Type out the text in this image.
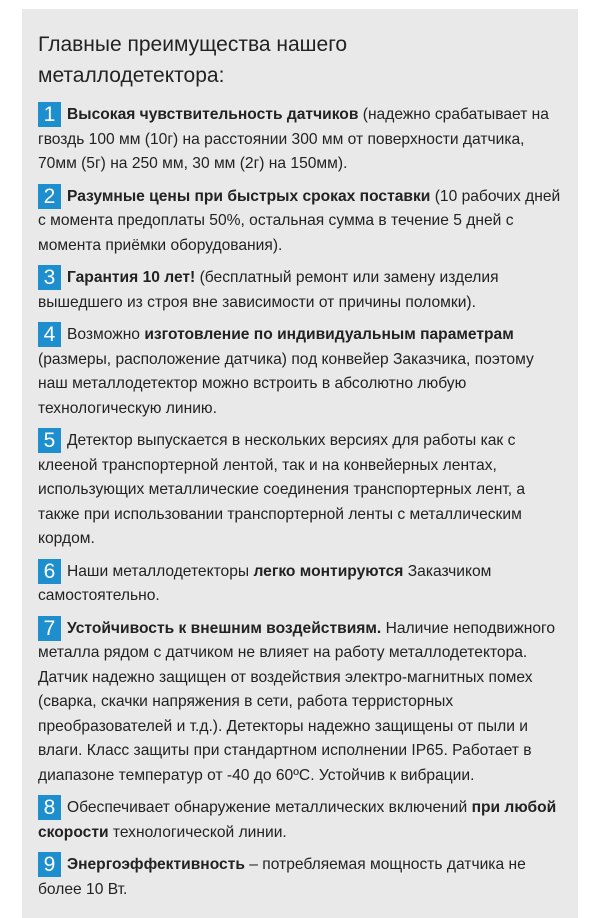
Главные преимущества нашего металлодетектора:
1 Высокая чувствительность датчиков (надежно срабатывает на гвоздь 100 мм (10г) на расстоянии 300 мм от поверхности датчика, 70мм (5г) на 250 мм, 30 мм (2г) на 150мм).
2 Разумные цены при быстрых сроках поставки (10 рабочих дней с момента предоплаты 50%, остальная сумма в течение 5 дней с момента приёмки оборудования).
3 Гарантия 10 лет! (бесплатный ремонт или замену изделия вышедшего из строя вне зависимости от причины поломки).
4 Возможно изготовление по индивидуальным параметрам (размеры, расположение датчика) под конвейер Заказчика, поэтому наш металлодетектор можно встроить в абсолютно любую технологическую линию.
5 Детектор выпускается в нескольких версиях для работы как с клееной транспортерной лентой, так и на конвейерных лентах, использующих металлические соединения транспортерных лент, а также при использовании транспортерной ленты с металлическим кордом.
6 Наши металлодетекторы легко монтируются Заказчиком самостоятельно.
7 Устойчивость к внешним воздействиям. Наличие неподвижного металла рядом с датчиком не влияет на работу металлодетектора. Датчик надежно защищен от воздействия электро-магнитных помех (сварка, скачки напряжения в сети, работа терристорных преобразователей и т.д.). Детекторы надежно защищены от пыли и влаги. Класс защиты при стандартном исполнении IP65. Работает в диапазоне температур от -40 до 60ºС. Устойчив к вибрации.
8 Обеспечивает обнаружение металлических включений при любой скорости технологической линии.
9 Энергоэффективность – потребляемая мощность датчика не более 10 Вт.
